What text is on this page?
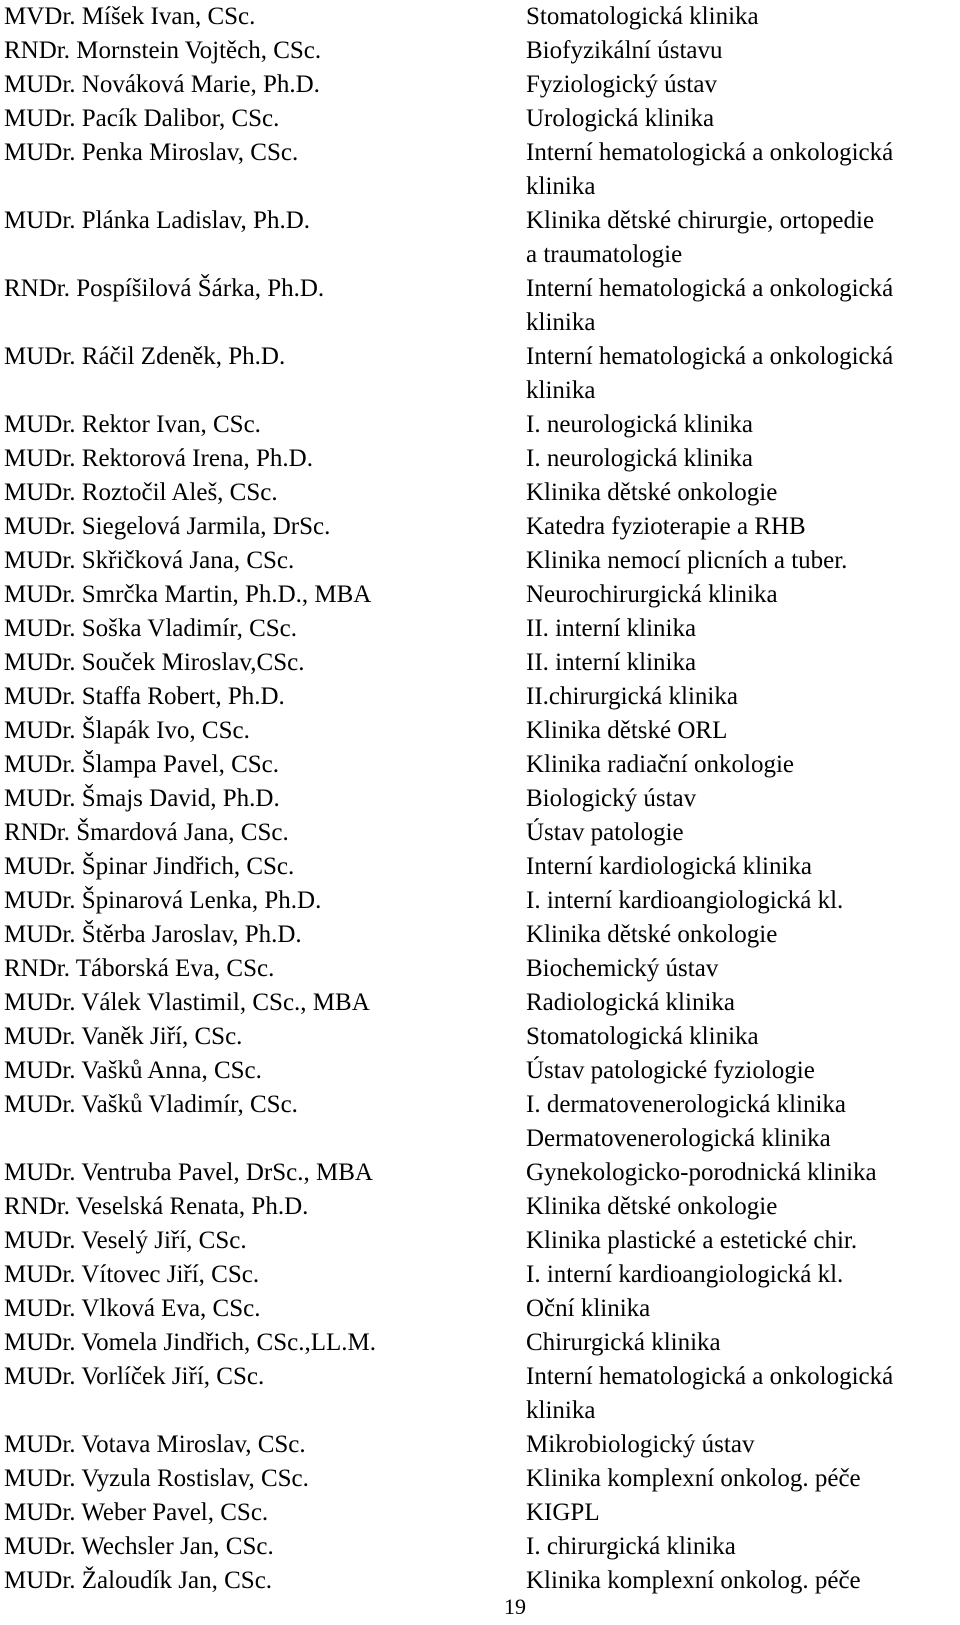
MVDr. Míšek Ivan, CSc.	Stomatologická klinika
RNDr. Mornstein Vojtěch, CSc.	Biofyzikální ústavu
MUDr. Nováková Marie, Ph.D.	Fyziologický ústav
MUDr. Pacík Dalibor, CSc.	Urologická klinika
MUDr. Penka Miroslav, CSc.	Interní hematologická a onkologická
klinika
MUDr. Plánka Ladislav, Ph.D.	Klinika dětské chirurgie, ortopedie
a traumatologie
RNDr. Pospíšilová Šárka, Ph.D.	Interní hematologická a onkologická
klinika
MUDr. Ráčil Zdeněk, Ph.D.	Interní hematologická a onkologická
klinika
MUDr. Rektor Ivan, CSc.	I. neurologická klinika
MUDr. Rektorová Irena, Ph.D.	I. neurologická klinika
MUDr. Roztočil Aleš, CSc.	Klinika dětské onkologie
MUDr. Siegelová Jarmila, DrSc.	Katedra fyzioterapie a RHB
MUDr. Skřičková Jana, CSc.	Klinika nemocí plicních a tuber.
MUDr. Smrčka Martin, Ph.D., MBA	Neurochirurgická klinika
MUDr. Soška Vladimír, CSc.	II. interní klinika
MUDr. Souček Miroslav,CSc.	II. interní klinika
MUDr. Staffa Robert, Ph.D.	II.chirurgická klinika
MUDr. Šlapák Ivo, CSc.	Klinika dětské ORL
MUDr. Šlampa Pavel, CSc.	Klinika radiační onkologie
MUDr. Šmajs David, Ph.D.	Biologický ústav
RNDr. Šmardová Jana, CSc.	Ústav patologie
MUDr. Špinar Jindřich, CSc.	Interní kardiologická klinika
MUDr. Špinarová Lenka, Ph.D.	I. interní kardioangiologická kl.
MUDr. Štěrba Jaroslav, Ph.D.	Klinika dětské onkologie
RNDr. Táborská Eva, CSc.	Biochemický ústav
MUDr. Válek Vlastimil, CSc., MBA	Radiologická klinika
MUDr. Vaněk Jiří, CSc.	Stomatologická klinika
MUDr. Vašků Anna, CSc.	Ústav patologické fyziologie
MUDr. Vašků Vladimír, CSc.	I. dermatovenerologická klinika
Dermatovenerologická klinika
MUDr. Ventruba Pavel, DrSc., MBA	Gynekologicko-porodnická klinika
RNDr. Veselská Renata, Ph.D.	Klinika dětské onkologie
MUDr. Veselý Jiří, CSc.	Klinika plastické a estetické chir.
MUDr. Vítovec Jiří, CSc.	I. interní kardioangiologická kl.
MUDr. Vlková Eva, CSc.	Oční klinika
MUDr. Vomela Jindřich, CSc.,LL.M.	Chirurgická klinika
MUDr. Vorlíček Jiří, CSc.	Interní hematologická a onkologická
klinika
MUDr. Votava Miroslav, CSc.	Mikrobiologický ústav
MUDr. Vyzula Rostislav, CSc.	Klinika komplexní onkolog. péče
MUDr. Weber Pavel, CSc.	KIGPL
MUDr. Wechsler Jan, CSc.	I. chirurgická klinika
MUDr. Žaloudík Jan, CSc.	Klinika komplexní onkolog. péče
19
